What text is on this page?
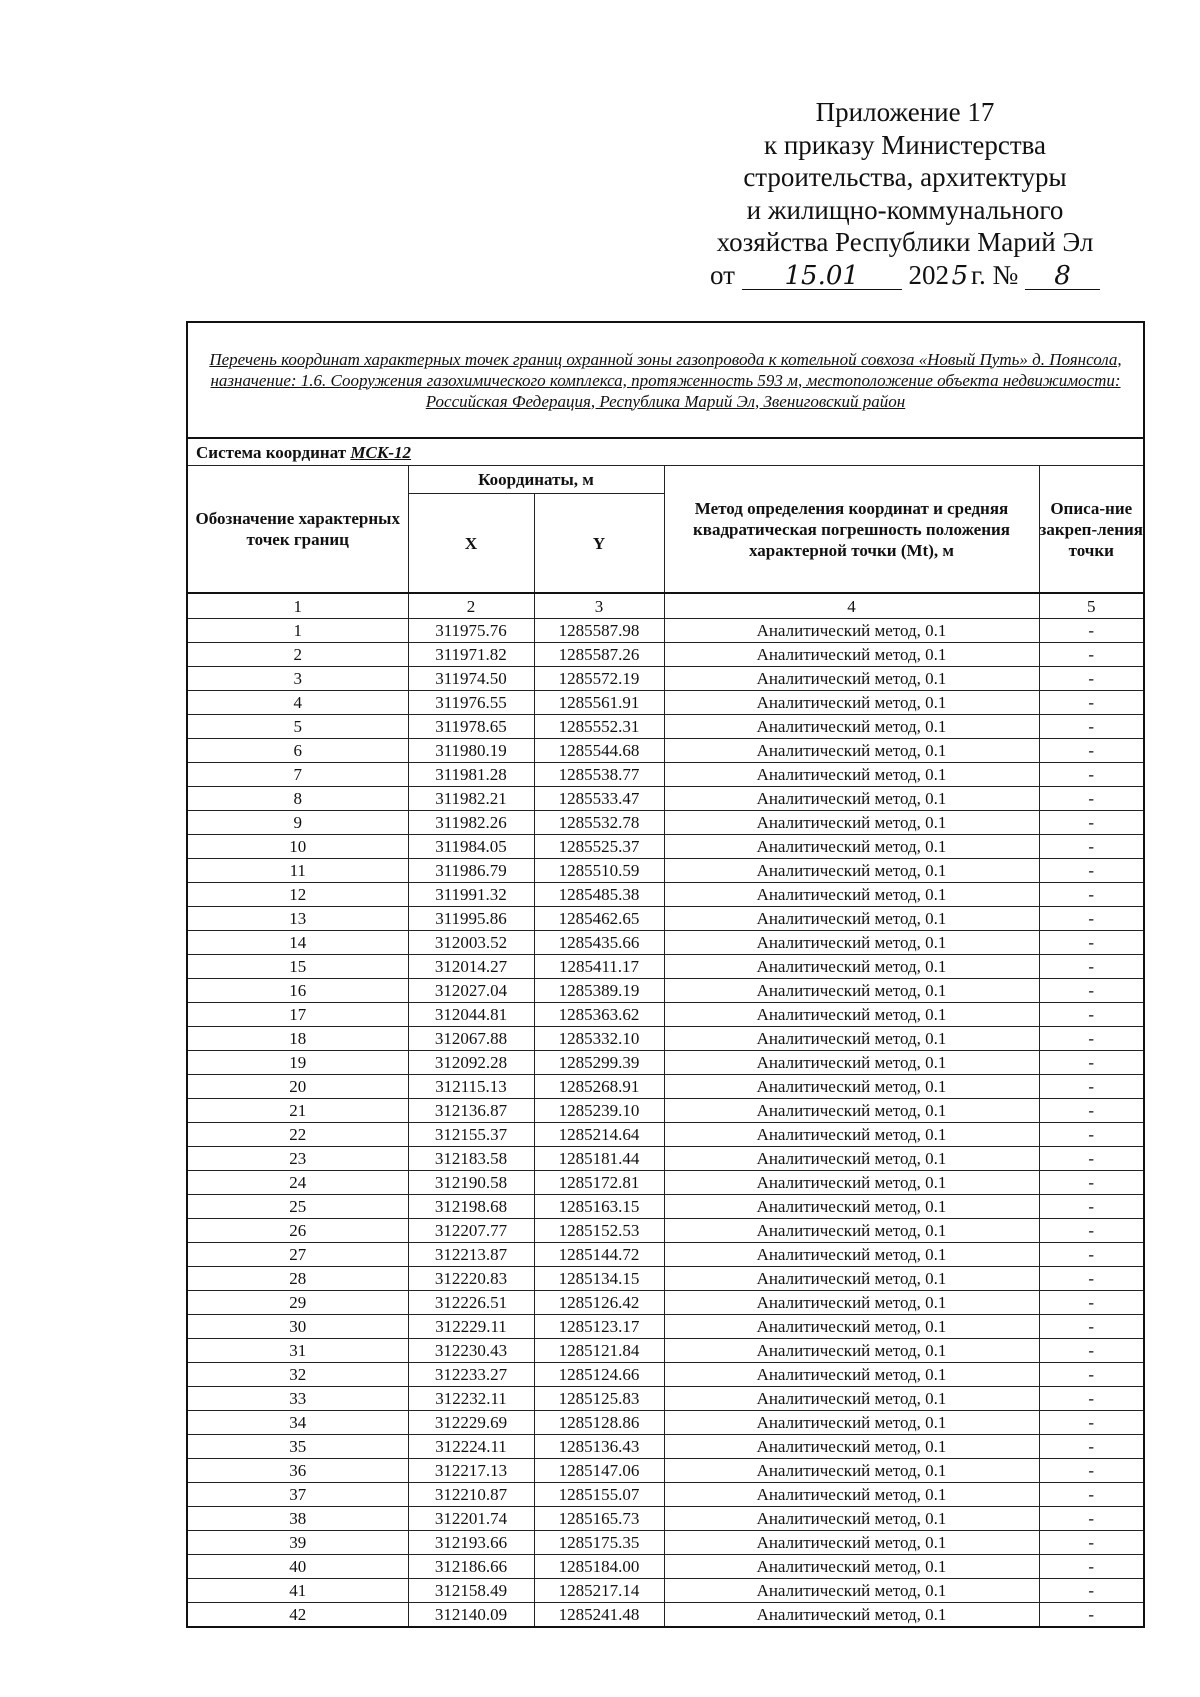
Приложение 17
к приказу Министерства
строительства, архитектуры
и жилищно-коммунального
хозяйства Республики Марий Эл
от 15.01 202 5 г. № 8
Перечень координат характерных точек границ охранной зоны газопровода к котельной совхоза «Новый Путь» д. Поянсола, назначение: 1.6. Сооружения газохимического комплекса, протяженность 593 м, местоположение объекта недвижимости: Российская Федерация, Республика Марий Эл, Звениговский район				
Система координат МСК-12				
Обозначение характерных точек границ	Координаты, м		Метод определения координат и средняя квадратическая погрешность положения характерной точки (Mt), м	Описа-ние закреп-ления точки
	X	Y		
1	2	3	4	5
1	311975.76	1285587.98	Аналитический метод, 0.1	-
2	311971.82	1285587.26	Аналитический метод, 0.1	-
3	311974.50	1285572.19	Аналитический метод, 0.1	-
4	311976.55	1285561.91	Аналитический метод, 0.1	-
5	311978.65	1285552.31	Аналитический метод, 0.1	-
6	311980.19	1285544.68	Аналитический метод, 0.1	-
7	311981.28	1285538.77	Аналитический метод, 0.1	-
8	311982.21	1285533.47	Аналитический метод, 0.1	-
9	311982.26	1285532.78	Аналитический метод, 0.1	-
10	311984.05	1285525.37	Аналитический метод, 0.1	-
11	311986.79	1285510.59	Аналитический метод, 0.1	-
12	311991.32	1285485.38	Аналитический метод, 0.1	-
13	311995.86	1285462.65	Аналитический метод, 0.1	-
14	312003.52	1285435.66	Аналитический метод, 0.1	-
15	312014.27	1285411.17	Аналитический метод, 0.1	-
16	312027.04	1285389.19	Аналитический метод, 0.1	-
17	312044.81	1285363.62	Аналитический метод, 0.1	-
18	312067.88	1285332.10	Аналитический метод, 0.1	-
19	312092.28	1285299.39	Аналитический метод, 0.1	-
20	312115.13	1285268.91	Аналитический метод, 0.1	-
21	312136.87	1285239.10	Аналитический метод, 0.1	-
22	312155.37	1285214.64	Аналитический метод, 0.1	-
23	312183.58	1285181.44	Аналитический метод, 0.1	-
24	312190.58	1285172.81	Аналитический метод, 0.1	-
25	312198.68	1285163.15	Аналитический метод, 0.1	-
26	312207.77	1285152.53	Аналитический метод, 0.1	-
27	312213.87	1285144.72	Аналитический метод, 0.1	-
28	312220.83	1285134.15	Аналитический метод, 0.1	-
29	312226.51	1285126.42	Аналитический метод, 0.1	-
30	312229.11	1285123.17	Аналитический метод, 0.1	-
31	312230.43	1285121.84	Аналитический метод, 0.1	-
32	312233.27	1285124.66	Аналитический метод, 0.1	-
33	312232.11	1285125.83	Аналитический метод, 0.1	-
34	312229.69	1285128.86	Аналитический метод, 0.1	-
35	312224.11	1285136.43	Аналитический метод, 0.1	-
36	312217.13	1285147.06	Аналитический метод, 0.1	-
37	312210.87	1285155.07	Аналитический метод, 0.1	-
38	312201.74	1285165.73	Аналитический метод, 0.1	-
39	312193.66	1285175.35	Аналитический метод, 0.1	-
40	312186.66	1285184.00	Аналитический метод, 0.1	-
41	312158.49	1285217.14	Аналитический метод, 0.1	-
42	312140.09	1285241.48	Аналитический метод, 0.1	-
